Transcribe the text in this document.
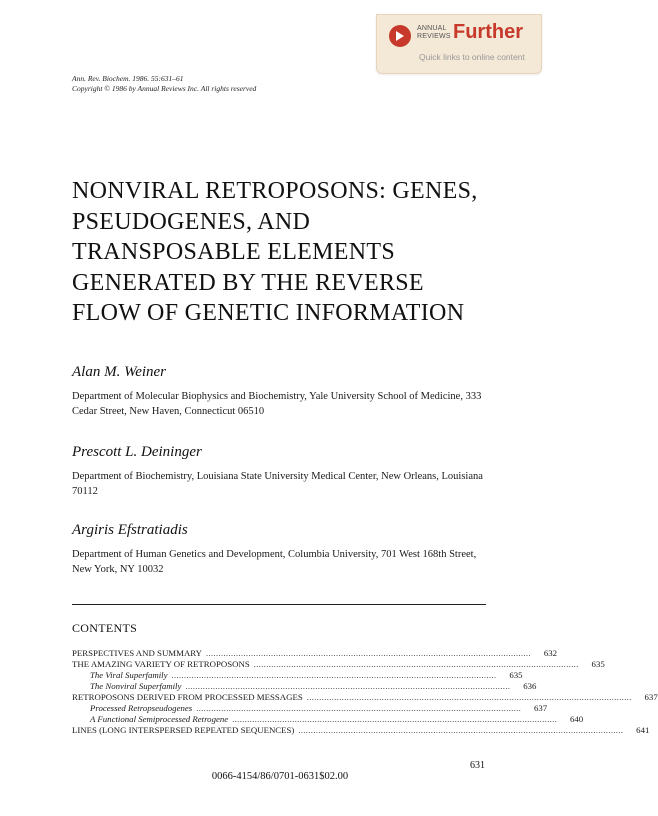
ANNUAL
REVIEWS Further
Quick links to online content
Ann. Rev. Biochem. 1986. 55:631–61
Copyright © 1986 by Annual Reviews Inc. All rights reserved
NONVIRAL RETROPOSONS: GENES,
PSEUDOGENES, AND
TRANSPOSABLE ELEMENTS
GENERATED BY THE REVERSE
FLOW OF GENETIC INFORMATION
Alan M. Weiner
Department of Molecular Biophysics and Biochemistry, Yale University School of Medicine, 333 Cedar Street, New Haven, Connecticut 06510
Prescott L. Deininger
Department of Biochemistry, Louisiana State University Medical Center, New Orleans, Louisiana 70112
Argiris Efstratiadis
Department of Human Genetics and Development, Columbia University, 701 West 168th Street, New York, NY 10032
CONTENTS
PERSPECTIVES AND SUMMARY ..................................................................................................................................	632
THE AMAZING VARIETY OF RETROPOSONS ..................................................................................................................................	635
The Viral Superfamily ..................................................................................................................................	635
The Nonviral Superfamily ..................................................................................................................................	636
RETROPOSONS DERIVED FROM PROCESSED MESSAGES ..................................................................................................................................	637
Processed Retropseudogenes ..................................................................................................................................	637
A Functional Semiprocessed Retrogene ..................................................................................................................................	640
LINES (LONG INTERSPERSED REPEATED SEQUENCES) ..................................................................................................................................	641
631
0066-4154/86/0701-0631$02.00
